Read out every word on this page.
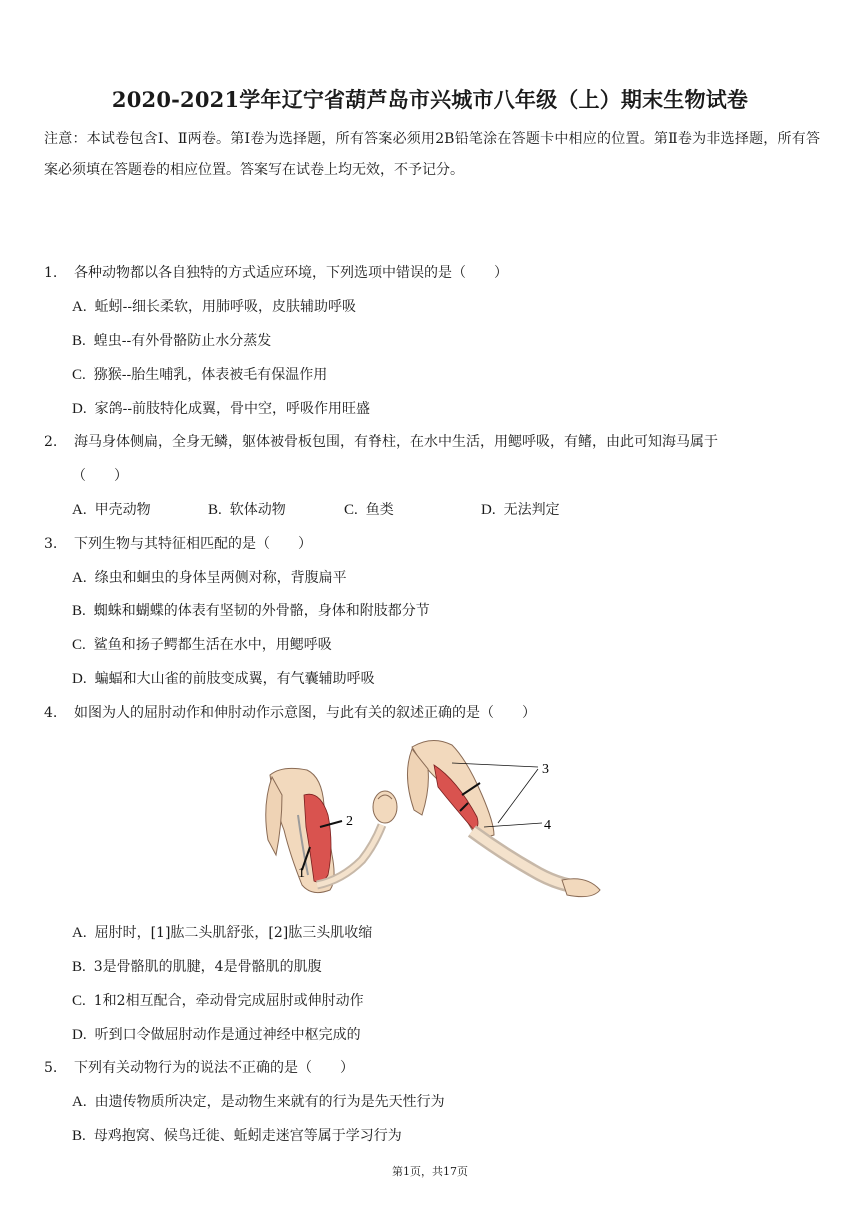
2020-2021学年辽宁省葫芦岛市兴城市八年级（上）期末生物试卷
注意：本试卷包含Ⅰ、Ⅱ两卷。第Ⅰ卷为选择题，所有答案必须用2B铅笔涂在答题卡中相应的位置。第Ⅱ卷为非选择题，所有答案必须填在答题卷的相应位置。答案写在试卷上均无效，不予记分。
1. 各种动物都以各自独特的方式适应环境，下列选项中错误的是（　　）
A. 蚯蚓--细长柔软，用肺呼吸，皮肤辅助呼吸
B. 蝗虫--有外骨骼防止水分蒸发
C. 猕猴--胎生哺乳，体表被毛有保温作用
D. 家鸽--前肢特化成翼，骨中空，呼吸作用旺盛
2. 海马身体侧扁，全身无鳞，躯体被骨板包围，有脊柱，在水中生活，用鳃呼吸，有鳍，由此可知海马属于
（　　）
A. 甲壳动物	B. 软体动物	C. 鱼类	D. 无法判定
3. 下列生物与其特征相匹配的是（　　）
A. 绦虫和蛔虫的身体呈两侧对称，背腹扁平
B. 蜘蛛和蝴蝶的体表有坚韧的外骨骼，身体和附肢都分节
C. 鲨鱼和扬子鳄都生活在水中，用鳃呼吸
D. 蝙蝠和大山雀的前肢变成翼，有气囊辅助呼吸
4. 如图为人的屈肘动作和伸肘动作示意图，与此有关的叙述正确的是（　　）
1
2
3
4
A. 屈肘时，[1]肱二头肌舒张，[2]肱三头肌收缩
B. 3是骨骼肌的肌腱，4是骨骼肌的肌腹
C. 1和2相互配合，牵动骨完成屈肘或伸肘动作
D. 听到口令做屈肘动作是通过神经中枢完成的
5. 下列有关动物行为的说法不正确的是（　　）
A. 由遗传物质所决定，是动物生来就有的行为是先天性行为
B. 母鸡抱窝、候鸟迁徙、蚯蚓走迷宫等属于学习行为
第1页，共17页
